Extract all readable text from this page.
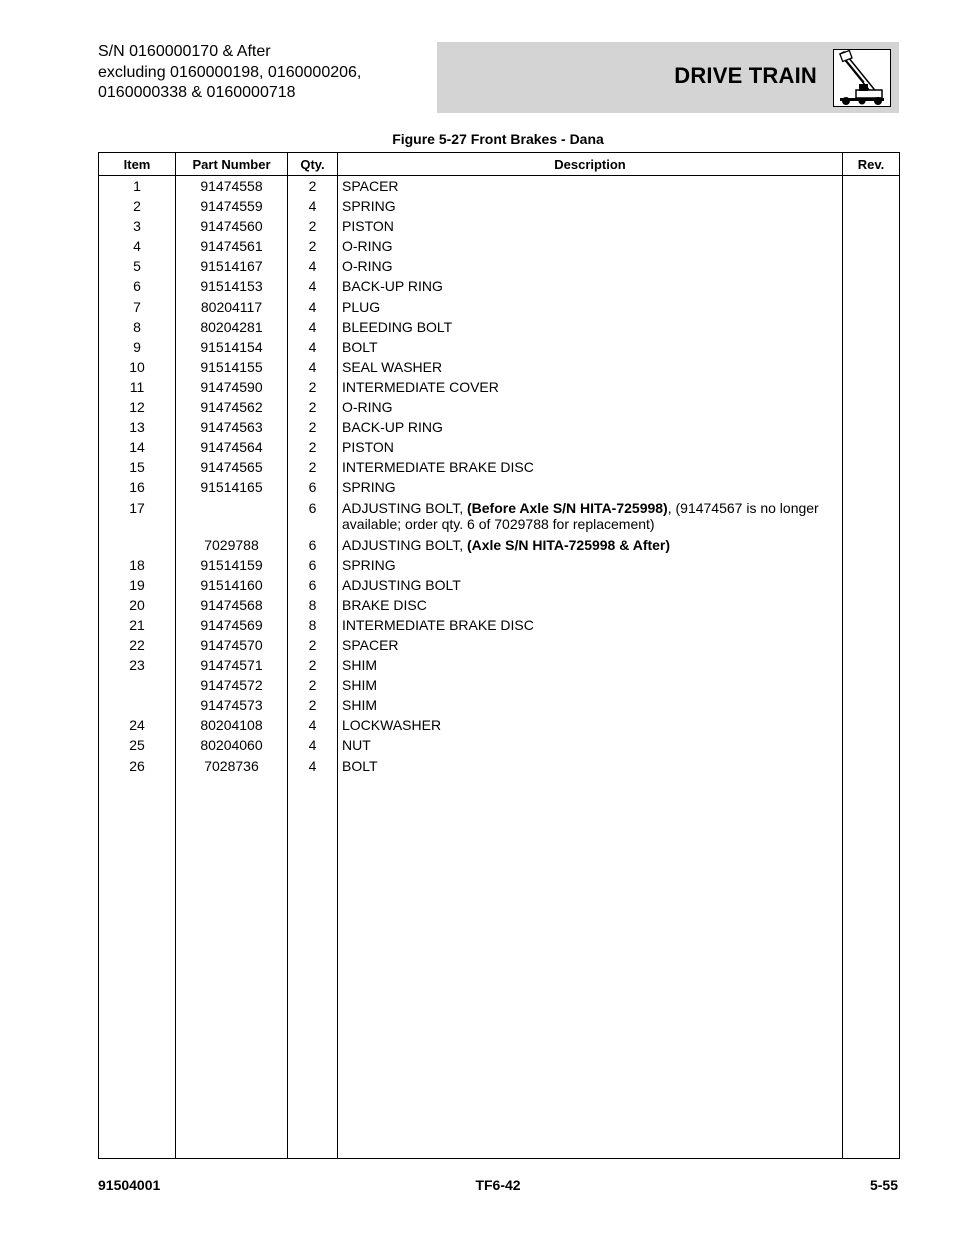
S/N 0160000170 & After
excluding 0160000198, 0160000206,
0160000338 & 0160000718
DRIVE TRAIN
Figure 5-27 Front Brakes - Dana
Item	Part Number	Qty.	Description	Rev.
1	91474558	2	SPACER	
2	91474559	4	SPRING	
3	91474560	2	PISTON	
4	91474561	2	O-RING	
5	91514167	4	O-RING	
6	91514153	4	BACK-UP RING	
7	80204117	4	PLUG	
8	80204281	4	BLEEDING BOLT	
9	91514154	4	BOLT	
10	91514155	4	SEAL WASHER	
11	91474590	2	INTERMEDIATE COVER	
12	91474562	2	O-RING	
13	91474563	2	BACK-UP RING	
14	91474564	2	PISTON	
15	91474565	2	INTERMEDIATE BRAKE DISC	
16	91514165	6	SPRING	
17		6	ADJUSTING BOLT, (Before Axle S/N HITA-725998), (91474567 is no longer available; order qty. 6 of 7029788 for replacement)	
	7029788	6	ADJUSTING BOLT, (Axle S/N HITA-725998 & After)	
18	91514159	6	SPRING	
19	91514160	6	ADJUSTING BOLT	
20	91474568	8	BRAKE DISC	
21	91474569	8	INTERMEDIATE BRAKE DISC	
22	91474570	2	SPACER	
23	91474571	2	SHIM	
	91474572	2	SHIM	
	91474573	2	SHIM	
24	80204108	4	LOCKWASHER	
25	80204060	4	NUT	
26	7028736	4	BOLT	

91504001	TF6-42	5-55
